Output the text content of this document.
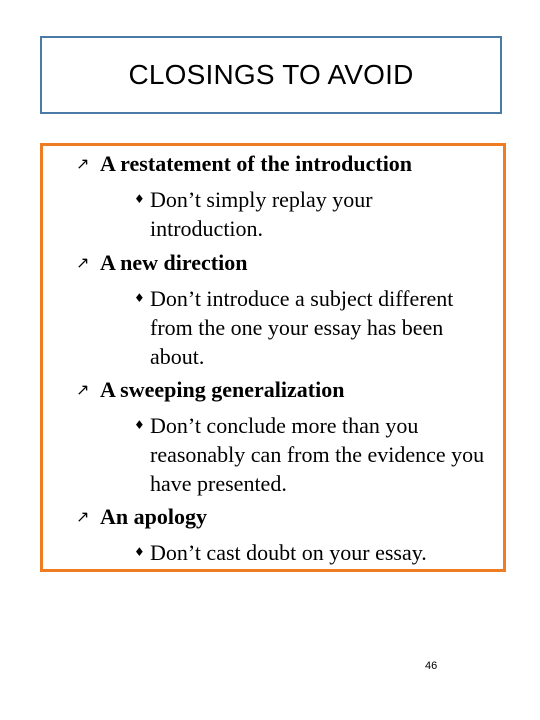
CLOSINGS TO AVOID
↗ A restatement of the introduction
♦ Don’t simply replay your introduction.
↗ A new direction
♦ Don’t introduce a subject different from the one your essay has been about.
↗ A sweeping generalization
♦ Don’t conclude more than you reasonably can from the evidence you have presented.
↗ An apology
♦ Don’t cast doubt on your essay.
46
